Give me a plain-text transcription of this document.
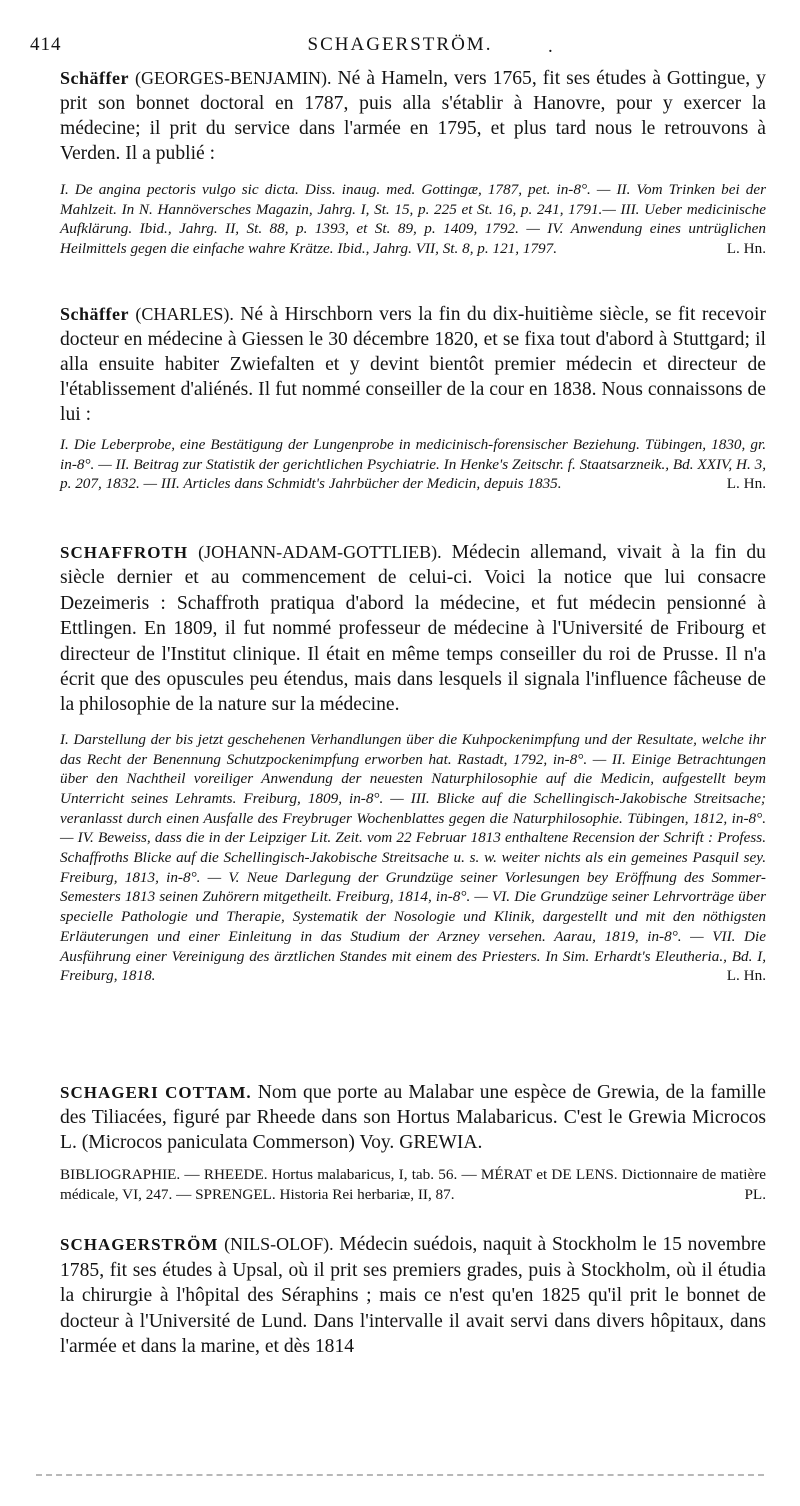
414	SCHAGERSTRÖM.	.

Schäffer (GEORGES-BENJAMIN). Né à Hameln, vers 1765, fit ses études à Gottingue, y prit son bonnet doctoral en 1787, puis alla s'établir à Hanovre, pour y exercer la médecine; il prit du service dans l'armée en 1795, et plus tard nous le retrouvons à Verden. Il a publié :

I. De angina pectoris vulgo sic dicta. Diss. inaug. med. Gottingæ, 1787, pet. in-8°. — II. Vom Trinken bei der Mahlzeit. In N. Hannöversches Magazin, Jahrg. I, St. 15, p. 225 et St. 16, p. 241, 1791.— III. Ueber medicinische Aufklärung. Ibid., Jahrg. II, St. 88, p. 1393, et St. 89, p. 1409, 1792. — IV. Anwendung eines untrüglichen Heilmittels gegen die einfache wahre Krätze. Ibid., Jahrg. VII, St. 8, p. 121, 1797.	L. Hn.

Schäffer (CHARLES). Né à Hirschborn vers la fin du dix-huitième siècle, se fit recevoir docteur en médecine à Giessen le 30 décembre 1820, et se fixa tout d'abord à Stuttgard; il alla ensuite habiter Zwiefalten et y devint bientôt premier médecin et directeur de l'établissement d'aliénés. Il fut nommé conseiller de la cour en 1838. Nous connaissons de lui :

I. Die Leberprobe, eine Bestätigung der Lungenprobe in medicinisch-forensischer Beziehung. Tübingen, 1830, gr. in-8°. — II. Beitrag zur Statistik der gerichtlichen Psychiatrie. In Henke's Zeitschr. f. Staatsarzneik., Bd. XXIV, H. 3, p. 207, 1832. — III. Articles dans Schmidt's Jahrbücher der Medicin, depuis 1835.	L. Hn.

SCHAFFROTH (JOHANN-ADAM-GOTTLIEB). Médecin allemand, vivait à la fin du siècle dernier et au commencement de celui-ci. Voici la notice que lui consacre Dezeimeris : Schaffroth pratiqua d'abord la médecine, et fut médecin pensionné à Ettlingen. En 1809, il fut nommé professeur de médecine à l'Université de Fribourg et directeur de l'Institut clinique. Il était en même temps conseiller du roi de Prusse. Il n'a écrit que des opuscules peu étendus, mais dans lesquels il signala l'influence fâcheuse de la philosophie de la nature sur la médecine.

I. Darstellung der bis jetzt geschehenen Verhandlungen über die Kuhpockenimpfung und der Resultate, welche ihr das Recht der Benennung Schutzpockenimpfung erworben hat. Rastadt, 1792, in-8°. — II. Einige Betrachtungen über den Nachtheil voreiliger Anwendung der neuesten Naturphilosophie auf die Medicin, aufgestellt beym Unterricht seines Lehramts. Freiburg, 1809, in-8°. — III. Blicke auf die Schellingisch-Jakobische Streitsache; veranlasst durch einen Ausfalle des Freybruger Wochenblattes gegen die Naturphilosophie. Tübingen, 1812, in-8°. — IV. Beweiss, dass die in der Leipziger Lit. Zeit. vom 22 Februar 1813 enthaltene Recension der Schrift : Profess. Schaffroths Blicke auf die Schellingisch-Jakobische Streitsache u. s. w. weiter nichts als ein gemeines Pasquil sey. Freiburg, 1813, in-8°. — V. Neue Darlegung der Grundzüge seiner Vorlesungen bey Eröffnung des Sommer-Semesters 1813 seinen Zuhörern mitgetheilt. Freiburg, 1814, in-8°. — VI. Die Grundzüge seiner Lehrvorträge über specielle Pathologie und Therapie, Systematik der Nosologie und Klinik, dargestellt und mit den nöthigsten Erläuterungen und einer Einleitung in das Studium der Arzney versehen. Aarau, 1819, in-8°. — VII. Die Ausführung einer Vereinigung des ärztlichen Standes mit einem des Priesters. In Sim. Erhardt's Eleutheria., Bd. I, Freiburg, 1818.	L. Hn.

SCHAGERI COTTAM. Nom que porte au Malabar une espèce de Grewia, de la famille des Tiliacées, figuré par Rheede dans son Hortus Malabaricus. C'est le Grewia Microcos L. (Microcos paniculata Commerson) Voy. GREWIA.

BIBLIOGRAPHIE. — RHEEDE. Hortus malabaricus, I, tab. 56. — MÉRAT et DE LENS. Dictionnaire de matière médicale, VI, 247. — SPRENGEL. Historia Rei herbariæ, II, 87.	PL.

SCHAGERSTRÖM (NILS-OLOF). Médecin suédois, naquit à Stockholm le 15 novembre 1785, fit ses études à Upsal, où il prit ses premiers grades, puis à Stockholm, où il étudia la chirurgie à l'hôpital des Séraphins ; mais ce n'est qu'en 1825 qu'il prit le bonnet de docteur à l'Université de Lund. Dans l'intervalle il avait servi dans divers hôpitaux, dans l'armée et dans la marine, et dès 1814
